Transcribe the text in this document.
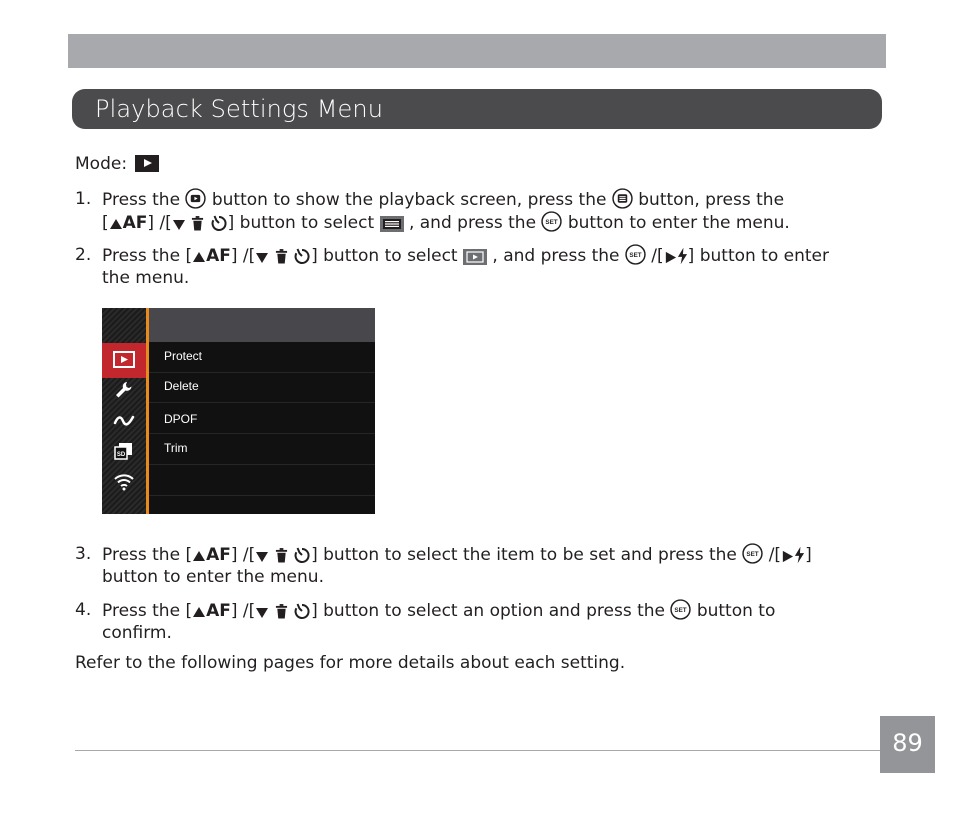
Playback Settings Menu
Mode:
1. Press the button to show the playback screen, press the button, press the
[ AF] /[	] button to select , and press the SET button to enter the menu.
2. Press the [ AF] /[	] button to select , and press the SET /[ ] button to enter
the menu.
SD
Protect
Delete
DPOF
Trim
3. Press the [ AF] /[	] button to select the item to be set and press the SET /[ ]
button to enter the menu.
4. Press the [ AF] /[	] button to select an option and press the SET button to
confirm.
Refer to the following pages for more details about each setting.
89
